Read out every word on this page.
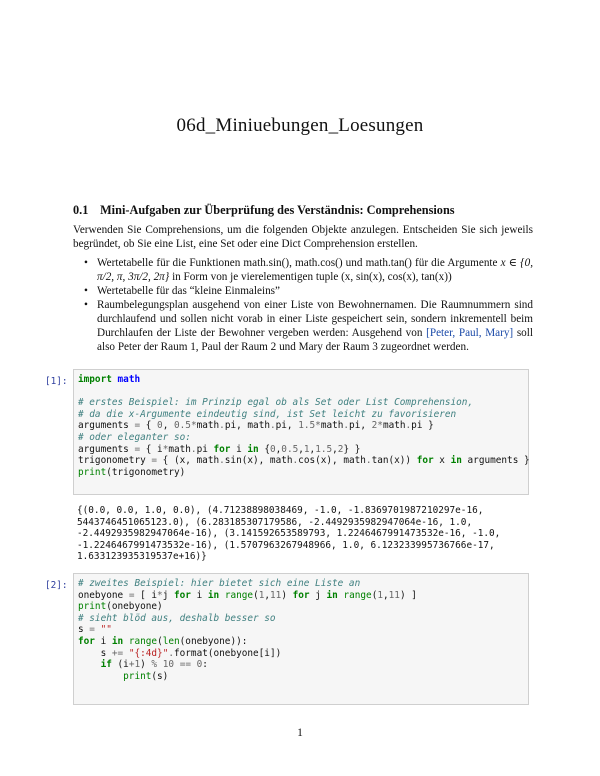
06d_Miniuebungen_Loesungen
0.1 Mini-Aufgaben zur Überprüfung des Verständnis: Comprehensions
Verwenden Sie Comprehensions, um die folgenden Objekte anzulegen. Entscheiden Sie sich jeweils begründet, ob Sie eine List, eine Set oder eine Dict Comprehension erstellen.
• Wertetabelle für die Funktionen math.sin(), math.cos() und math.tan() für die Argumente x ∈ {0, π/2, π, 3π/2, 2π} in Form von je vierelementigen tuple (x, sin(x), cos(x), tan(x))
• Wertetabelle für das “kleine Einmaleins”
• Raumbelegungsplan ausgehend von einer Liste von Bewohnernamen. Die Raumnummern sind durchlaufend und sollen nicht vorab in einer Liste gespeichert sein, sondern inkrementell beim Durchlaufen der Liste der Bewohner vergeben werden: Ausgehend von [Peter, Paul, Mary] soll also Peter der Raum 1, Paul der Raum 2 und Mary der Raum 3 zugeordnet werden.
[1]: import math

# erstes Beispiel: im Prinzip egal ob als Set oder List Comprehension,
# da die x-Argumente eindeutig sind, ist Set leicht zu favorisieren
arguments = { 0, 0.5*math.pi, math.pi, 1.5*math.pi, 2*math.pi }
# oder eleganter so:
arguments = { i*math.pi for i in {0,0.5,1,1.5,2} }
trigonometry = { (x, math.sin(x), math.cos(x), math.tan(x)) for x in arguments }
print(trigonometry)
{(0.0, 0.0, 1.0, 0.0), (4.71238898038469, -1.0, -1.8369701987210297e-16,
5443746451065123.0), (6.283185307179586, -2.4492935982947064e-16, 1.0,
-2.4492935982947064e-16), (3.141592653589793, 1.2246467991473532e-16, -1.0,
-1.2246467991473532e-16), (1.5707963267948966, 1.0, 6.123233995736766e-17,
1.633123935319537e+16)}
[2]: # zweites Beispiel: hier bietet sich eine Liste an
onebyone = [ i*j for i in range(1,11) for j in range(1,11) ]
print(onebyone)
# sieht blöd aus, deshalb besser so
s = ""
for i in range(len(onebyone)):
s += "{:4d}".format(onebyone[i])
if (i+1) % 10 == 0:
print(s)
1
